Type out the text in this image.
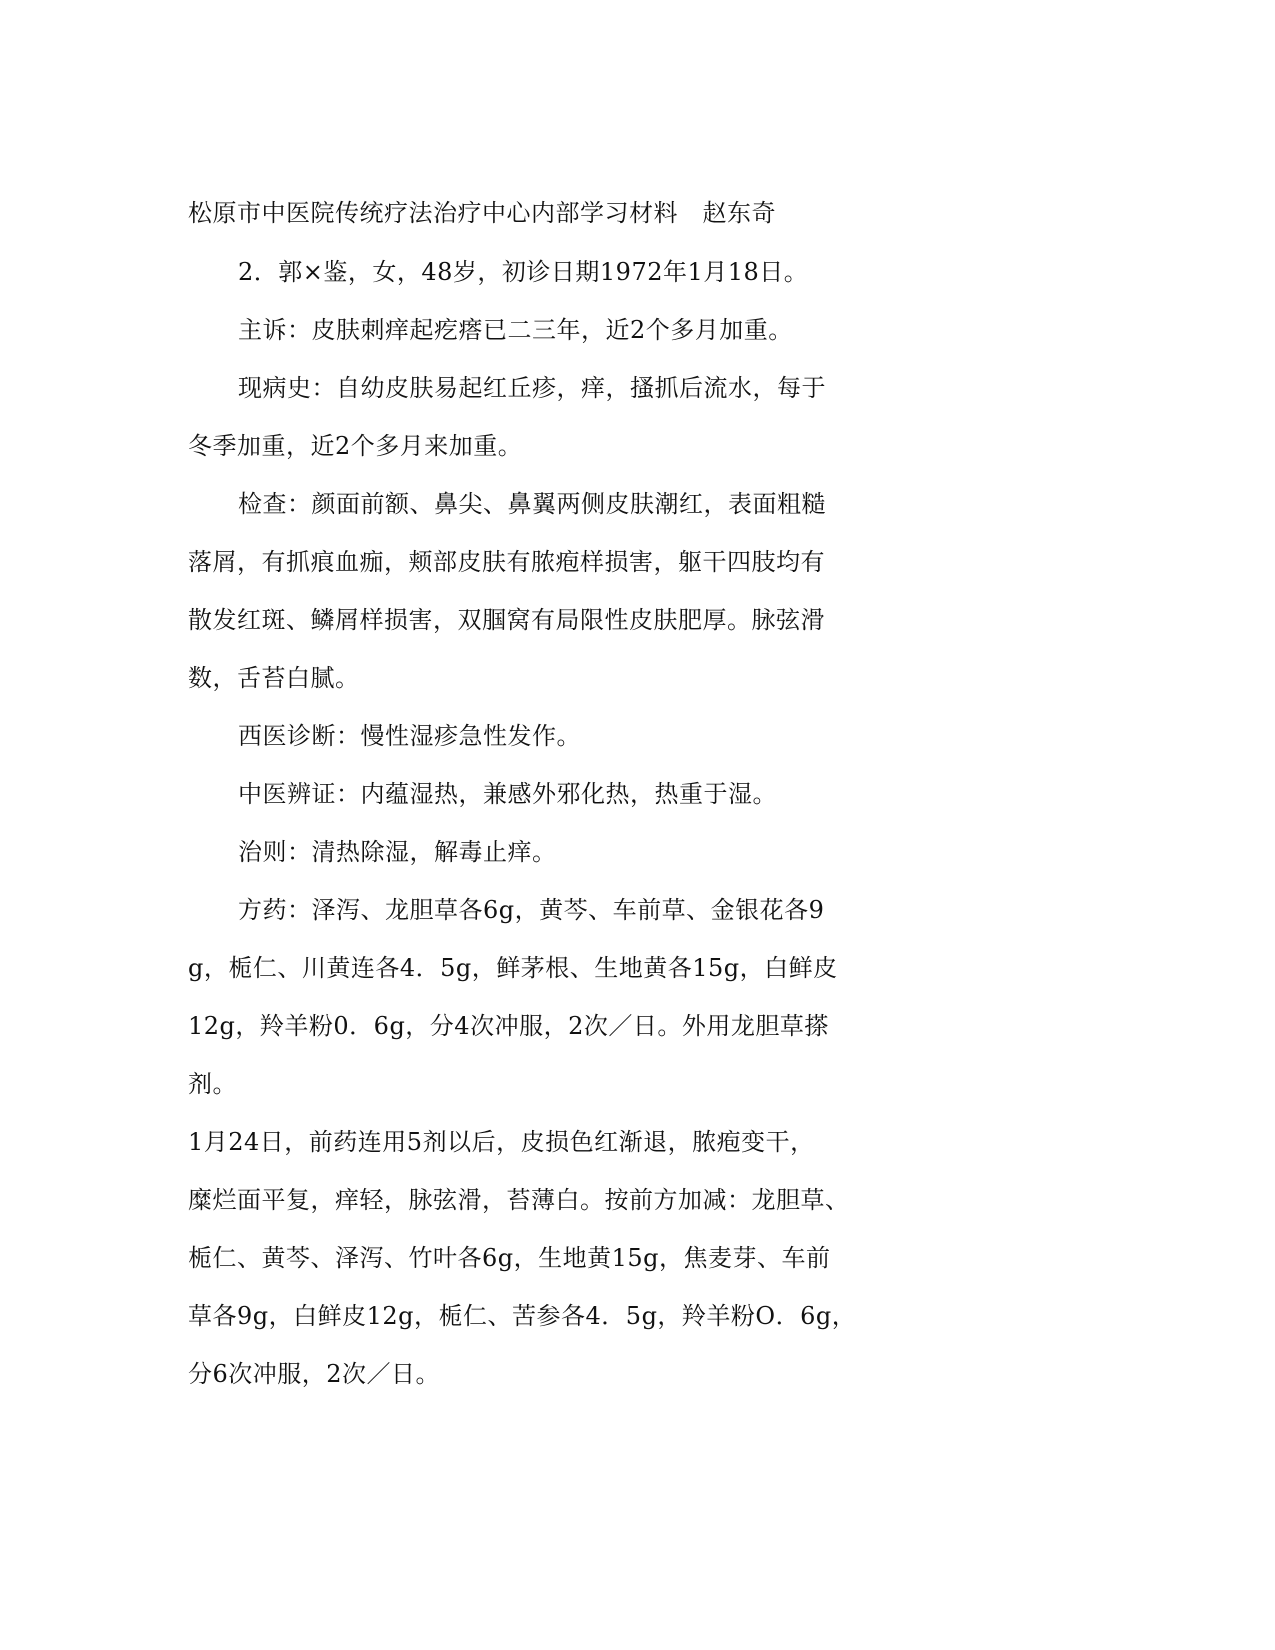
松原市中医院传统疗法治疗中心内部学习材料　赵东奇
2．郭×鉴，女，48岁，初诊日期1972年1月18日。
主诉：皮肤刺痒起疙瘩已二三年，近2个多月加重。
现病史：自幼皮肤易起红丘疹，痒，搔抓后流水，每于
冬季加重，近2个多月来加重。
检查：颜面前额、鼻尖、鼻翼两侧皮肤潮红，表面粗糙
落屑，有抓痕血痂，颊部皮肤有脓疱样损害，躯干四肢均有
散发红斑、鳞屑样损害，双腘窝有局限性皮肤肥厚。脉弦滑
数，舌苔白腻。
西医诊断：慢性湿疹急性发作。
中医辨证：内蕴湿热，兼感外邪化热，热重于湿。
治则：清热除湿，解毒止痒。
方药：泽泻、龙胆草各6g，黄芩、车前草、金银花各9
g，栀仁、川黄连各4．5g，鲜茅根、生地黄各15g，白鲜皮
12g，羚羊粉0．6g，分4次冲服，2次／日。外用龙胆草搽
剂。
1月24日，前药连用5剂以后，皮损色红渐退，脓疱变干，
糜烂面平复，痒轻，脉弦滑，苔薄白。按前方加减：龙胆草、
栀仁、黄芩、泽泻、竹叶各6g，生地黄15g，焦麦芽、车前
草各9g，白鲜皮12g，栀仁、苦参各4．5g，羚羊粉O．6g，
分6次冲服，2次／日。
